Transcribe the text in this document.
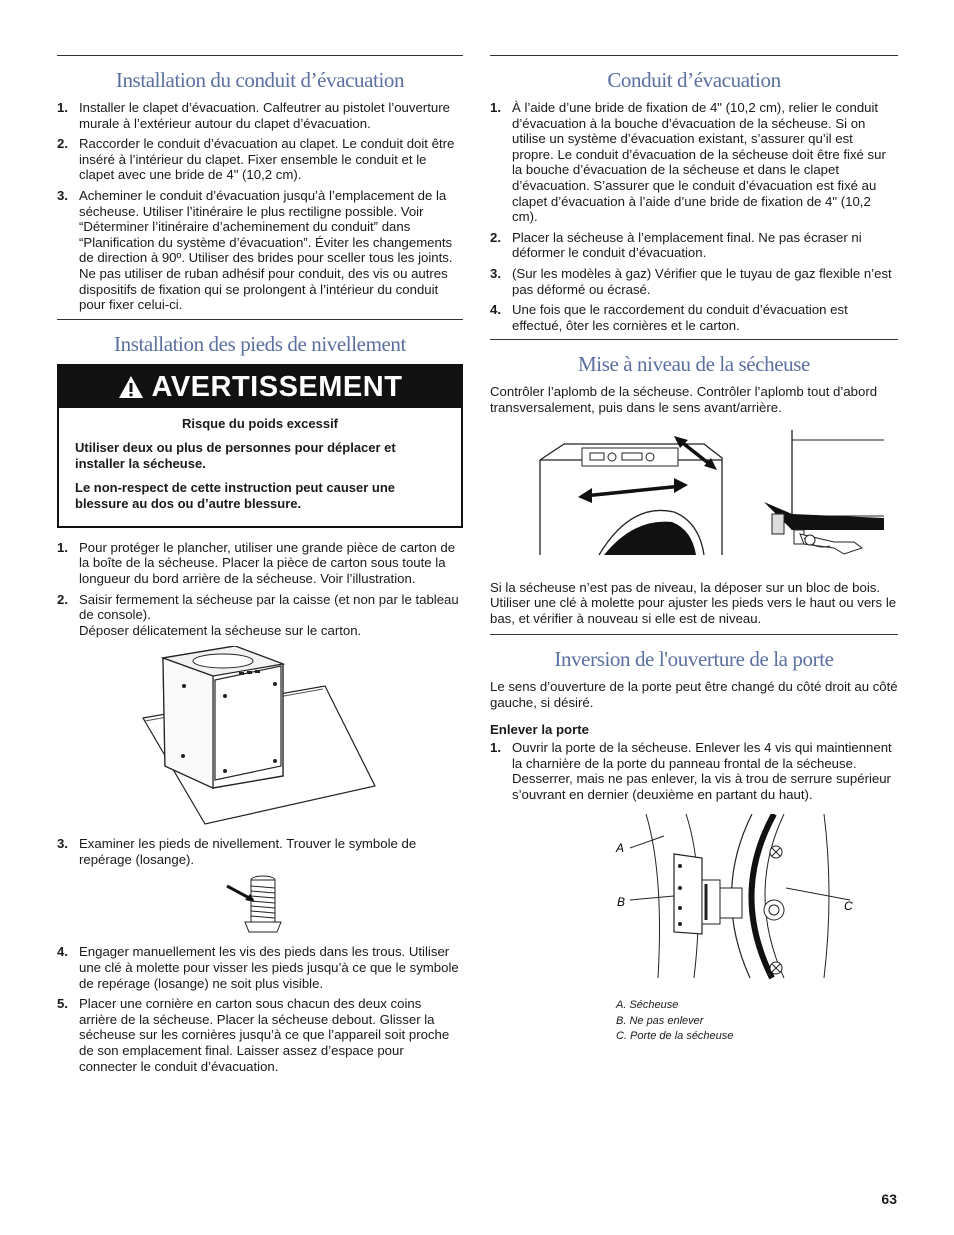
Installation du conduit d’évacuation
1. Installer le clapet d’évacuation. Calfeutrer au pistolet l’ouverture murale à l’extérieur autour du clapet d’évacuation.
2. Raccorder le conduit d’évacuation au clapet. Le conduit doit être inséré à l’intérieur du clapet. Fixer ensemble le conduit et le clapet avec une bride de 4" (10,2 cm).
3. Acheminer le conduit d’évacuation jusqu’à l’emplacement de la sécheuse. Utiliser l’itinéraire le plus rectiligne possible. Voir “Déterminer l’itinéraire d’acheminement du conduit” dans “Planification du système d’évacuation”. Éviter les changements de direction à 90º. Utiliser des brides pour sceller tous les joints. Ne pas utiliser de ruban adhésif pour conduit, des vis ou autres dispositifs de fixation qui se prolongent à l’intérieur du conduit pour fixer celui-ci.
Installation des pieds de nivellement
AVERTISSEMENT

Risque du poids excessif

Utiliser deux ou plus de personnes pour déplacer et installer la sécheuse.

Le non-respect de cette instruction peut causer une blessure au dos ou d’autre blessure.

1. Pour protéger le plancher, utiliser une grande pièce de carton de la boîte de la sécheuse. Placer la pièce de carton sous toute la longueur du bord arrière de la sécheuse. Voir l’illustration.
2. Saisir fermement la sécheuse par la caisse (et non par le tableau de console).
Déposer délicatement la sécheuse sur le carton.
3. Examiner les pieds de nivellement. Trouver le symbole de repérage (losange).
4. Engager manuellement les vis des pieds dans les trous. Utiliser une clé à molette pour visser les pieds jusqu’à ce que le symbole de repérage (losange) ne soit plus visible.
5. Placer une cornière en carton sous chacun des deux coins arrière de la sécheuse. Placer la sécheuse debout. Glisser la sécheuse sur les cornières jusqu’à ce que l’appareil soit proche de son emplacement final. Laisser assez d’espace pour connecter le conduit d’évacuation.
Conduit d’évacuation
1. À l’aide d’une bride de fixation de 4" (10,2 cm), relier le conduit d’évacuation à la bouche d’évacuation de la sécheuse. Si on utilise un système d’évacuation existant, s’assurer qu’il est propre. Le conduit d’évacuation de la sécheuse doit être fixé sur la bouche d’évacuation de la sécheuse et dans le clapet d’évacuation. S’assurer que le conduit d’évacuation est fixé au clapet d’évacuation à l’aide d’une bride de fixation de 4" (10,2 cm).
2. Placer la sécheuse à l’emplacement final. Ne pas écraser ni déformer le conduit d’évacuation.
3. (Sur les modèles à gaz) Vérifier que le tuyau de gaz flexible n’est pas déformé ou écrasé.
4. Une fois que le raccordement du conduit d’évacuation est effectué, ôter les cornières et le carton.
Mise à niveau de la sécheuse

Contrôler l’aplomb de la sécheuse. Contrôler l’aplomb tout d’abord transversalement, puis dans le sens avant/arrière.

Si la sécheuse n’est pas de niveau, la déposer sur un bloc de bois. Utiliser une clé à molette pour ajuster les pieds vers le haut ou vers le bas, et vérifier à nouveau si elle est de niveau.

Inversion de l'ouverture de la porte

Le sens d’ouverture de la porte peut être changé du côté droit au côté gauche, si désiré.

Enlever la porte
1. Ouvrir la porte de la sécheuse. Enlever les 4 vis qui maintiennent la charnière de la porte du panneau frontal de la sécheuse. Desserrer, mais ne pas enlever, la vis à trou de serrure supérieur s’ouvrant en dernier (deuxième en partant du haut).
A
B	C
A. Sécheuse
B. Ne pas enlever
C. Porte de la sécheuse
63
